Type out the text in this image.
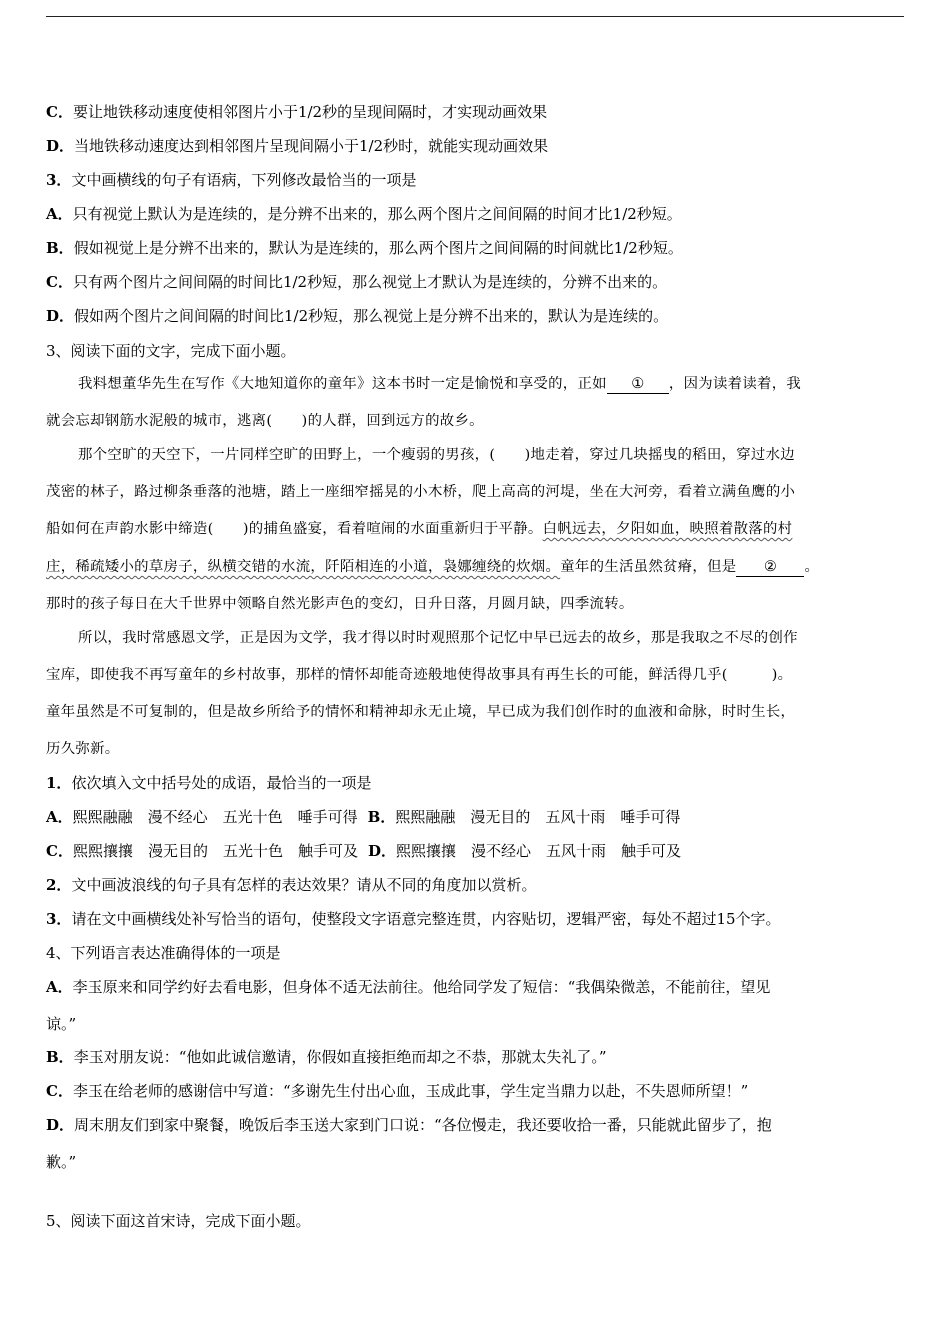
C．要让地铁移动速度使相邻图片小于1/2秒的呈现间隔时，才实现动画效果
D．当地铁移动速度达到相邻图片呈现间隔小于1/2秒时，就能实现动画效果
3．文中画横线的句子有语病，下列修改最恰当的一项是
A．只有视觉上默认为是连续的，是分辨不出来的，那么两个图片之间间隔的时间才比1/2秒短。
B．假如视觉上是分辨不出来的，默认为是连续的，那么两个图片之间间隔的时间就比1/2秒短。
C．只有两个图片之间间隔的时间比1/2秒短，那么视觉上才默认为是连续的，分辨不出来的。
D．假如两个图片之间间隔的时间比1/2秒短，那么视觉上是分辨不出来的，默认为是连续的。
3、阅读下面的文字，完成下面小题。
我料想董华先生在写作《大地知道你的童年》这本书时一定是愉悦和享受的，正如 ① ，因为读着读着，我
就会忘却钢筋水泥般的城市，逃离(　　)的人群，回到远方的故乡。
那个空旷的天空下，一片同样空旷的田野上，一个瘦弱的男孩，(　　)地走着，穿过几块摇曳的稻田，穿过水边
茂密的林子，路过柳条垂落的池塘，踏上一座细窄摇晃的小木桥，爬上高高的河堤，坐在大河旁，看着立满鱼鹰的小
船如何在声韵水影中缔造(　　)的捕鱼盛宴，看着喧闹的水面重新归于平静。白帆远去，夕阳如血，映照着散落的村
庄，稀疏矮小的草房子，纵横交错的水流，阡陌相连的小道，袅娜缠绕的炊烟。童年的生活虽然贫瘠，但是 ② 。
那时的孩子每日在大千世界中领略自然光影声色的变幻，日升日落，月圆月缺，四季流转。
所以，我时常感恩文学，正是因为文学，我才得以时时观照那个记忆中早已远去的故乡，那是我取之不尽的创作
宝库，即使我不再写童年的乡村故事，那样的情怀却能奇迹般地使得故事具有再生长的可能，鲜活得几乎(　　　)。
童年虽然是不可复制的，但是故乡所给予的情怀和精神却永无止境，早已成为我们创作时的血液和命脉，时时生长，
历久弥新。
1．依次填入文中括号处的成语，最恰当的一项是
A．熙熙融融　漫不经心　五光十色　唾手可得 B．熙熙融融　漫无目的　五风十雨　唾手可得
C．熙熙攘攘　漫无目的　五光十色　触手可及 D．熙熙攘攘　漫不经心　五风十雨　触手可及
2．文中画波浪线的句子具有怎样的表达效果？请从不同的角度加以赏析。
3．请在文中画横线处补写恰当的语句，使整段文字语意完整连贯，内容贴切，逻辑严密，每处不超过15个字。
4、下列语言表达准确得体的一项是
A．李玉原来和同学约好去看电影，但身体不适无法前往。他给同学发了短信：“我偶染微恙，不能前往，望见
谅。”
B．李玉对朋友说：“他如此诚信邀请，你假如直接拒绝而却之不恭，那就太失礼了。”
C．李玉在给老师的感谢信中写道：“多谢先生付出心血，玉成此事，学生定当鼎力以赴，不失恩师所望！”
D．周末朋友们到家中聚餐，晚饭后李玉送大家到门口说：“各位慢走，我还要收拾一番，只能就此留步了，抱
歉。”
5、阅读下面这首宋诗，完成下面小题。
